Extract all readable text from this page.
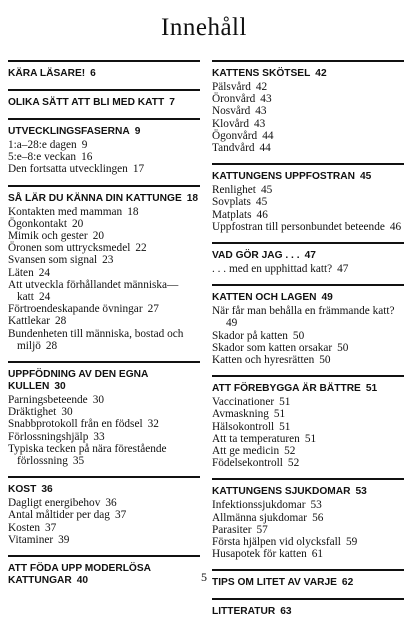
Innehåll
KÄRA LÄSARE! 6
OLIKA SÄTT ATT BLI MED KATT 7
UTVECKLINGSFASERNA 9
1:a–28:e dagen 9
5:e–8:e veckan 16
Den fortsatta utvecklingen 17
SÅ LÄR DU KÄNNA DIN KATTUNGE 18
Kontakten med mamman 18
Ögonkontakt 20
Mimik och gester 20
Öronen som uttrycksmedel 22
Svansen som signal 23
Läten 24
Att utveckla förhållandet människa—katt 24
Förtroendeskapande övningar 27
Kattlekar 28
Bundenheten till människa, bostad och miljö 28
UPPFÖDNING AV DEN EGNA KULLEN 30
Parningsbeteende 30
Dräktighet 30
Snabbprotokoll från en födsel 32
Förlossningshjälp 33
Typiska tecken på nära förestående förlossning 35
KOST 36
Dagligt energibehov 36
Antal måltider per dag 37
Kosten 37
Vitaminer 39
ATT FÖDA UPP MODERLÖSA KATTUNGAR 40
KATTENS SKÖTSEL 42
Pälsvård 42
Öronvård 43
Nosvård 43
Klovård 43
Ögonvård 44
Tandvård 44
KATTUNGENS UPPFOSTRAN 45
Renlighet 45
Sovplats 45
Matplats 46
Uppfostran till personbundet beteende 46
VAD GÖR JAG . . . 47
. . . med en upphittad katt? 47
KATTEN OCH LAGEN 49
När får man behålla en främmande katt?49
Skador på katten 50
Skador som katten orsakar 50
Katten och hyresrätten 50
ATT FÖREBYGGA ÄR BÄTTRE 51
Vaccinationer 51
Avmaskning 51
Hälsokontroll 51
Att ta temperaturen 51
Att ge medicin 52
Födelsekontroll 52
KATTUNGENS SJUKDOMAR 53
Infektionssjukdomar 53
Allmänna sjukdomar 56
Parasiter 57
Första hjälpen vid olycksfall 59
Husapotek för katten 61
TIPS OM LITET AV VARJE 62
LITTERATUR 63
5
